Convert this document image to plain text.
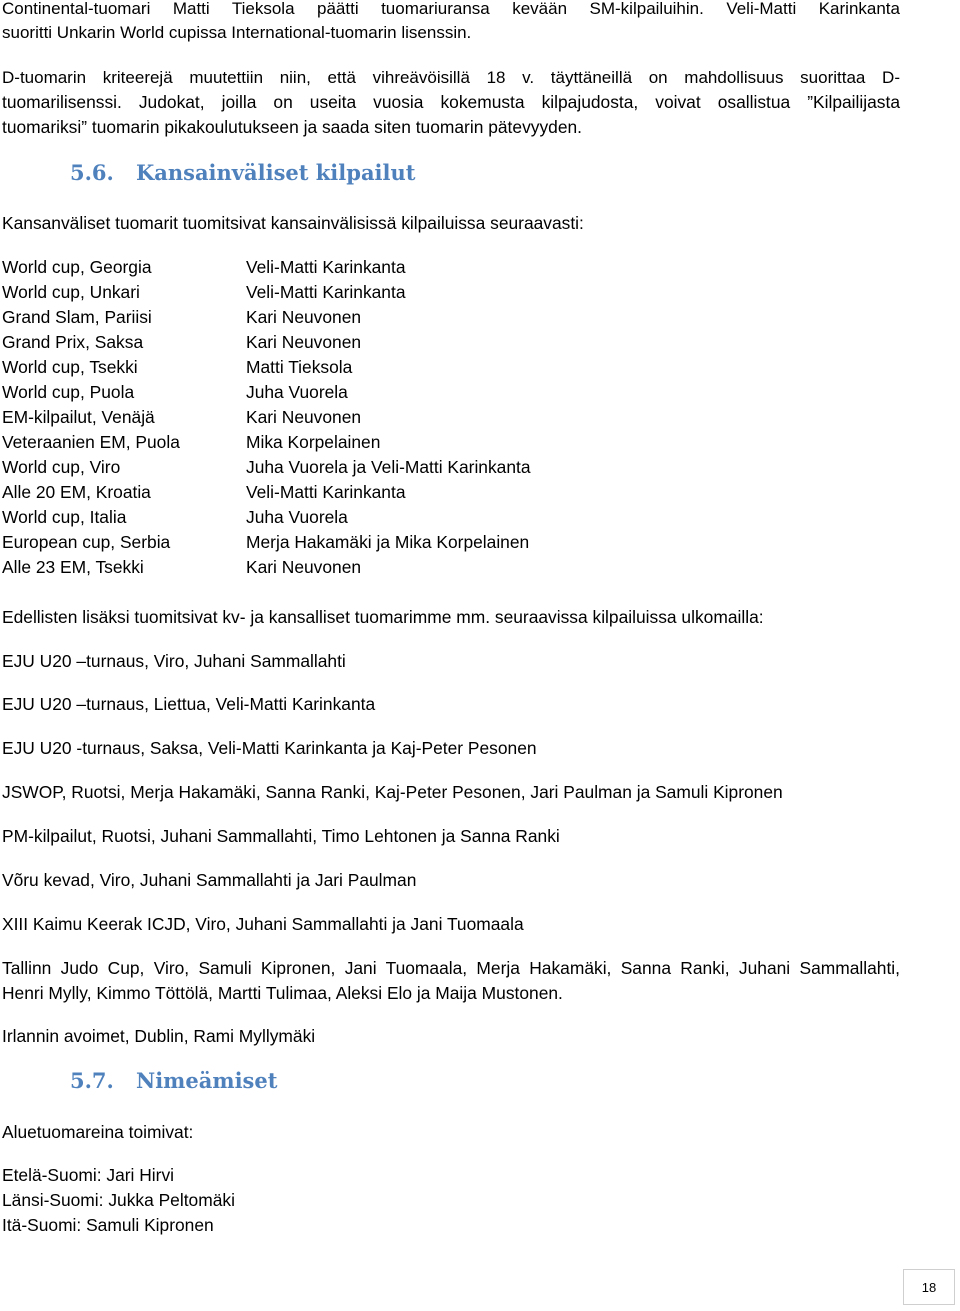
Continental-tuomari Matti Tieksola päätti tuomariuransa kevään SM-kilpailuihin. Veli-Matti Karinkanta

suoritti Unkarin World cupissa International-tuomarin lisenssin.

D-tuomarin kriteerejä muutettiin niin, että vihreävöisillä 18 v. täyttäneillä on mahdollisuus suorittaa D-

tuomarilisenssi. Judokat, joilla on useita vuosia kokemusta kilpajudosta, voivat osallistua ”Kilpailijasta

tuomariksi” tuomarin pikakoulutukseen ja saada siten tuomarin pätevyyden.

5.6. Kansainväliset kilpailut

Kansanväliset tuomarit tuomitsivat kansainvälisissä kilpailuissa seuraavasti:

World cup, Georgia	Veli-Matti Karinkanta
World cup, Unkari	Veli-Matti Karinkanta
Grand Slam, Pariisi	Kari Neuvonen
Grand Prix, Saksa	Kari Neuvonen
World cup, Tsekki	Matti Tieksola
World cup, Puola	Juha Vuorela
EM-kilpailut, Venäjä	Kari Neuvonen
Veteraanien EM, Puola	Mika Korpelainen
World cup, Viro	Juha Vuorela ja Veli-Matti Karinkanta
Alle 20 EM, Kroatia	Veli-Matti Karinkanta
World cup, Italia	Juha Vuorela
European cup, Serbia	Merja Hakamäki ja Mika Korpelainen
Alle 23 EM, Tsekki	Kari Neuvonen

Edellisten lisäksi tuomitsivat kv- ja kansalliset tuomarimme mm. seuraavissa kilpailuissa ulkomailla:

EJU U20 –turnaus, Viro, Juhani Sammallahti

EJU U20 –turnaus, Liettua, Veli-Matti Karinkanta

EJU U20 -turnaus, Saksa, Veli-Matti Karinkanta ja Kaj-Peter Pesonen

JSWOP, Ruotsi, Merja Hakamäki, Sanna Ranki, Kaj-Peter Pesonen, Jari Paulman ja Samuli Kipronen

PM-kilpailut, Ruotsi, Juhani Sammallahti, Timo Lehtonen ja Sanna Ranki

Võru kevad, Viro, Juhani Sammallahti ja Jari Paulman

XIII Kaimu Keerak ICJD, Viro, Juhani Sammallahti ja Jani Tuomaala

Tallinn Judo Cup, Viro, Samuli Kipronen, Jani Tuomaala, Merja Hakamäki, Sanna Ranki, Juhani Sammallahti,

Henri Mylly, Kimmo Töttölä, Martti Tulimaa, Aleksi Elo ja Maija Mustonen.

Irlannin avoimet, Dublin, Rami Myllymäki

5.7. Nimeämiset

Aluetuomareina toimivat:

Etelä-Suomi: Jari Hirvi

Länsi-Suomi: Jukka Peltomäki

Itä-Suomi: Samuli Kipronen

18
